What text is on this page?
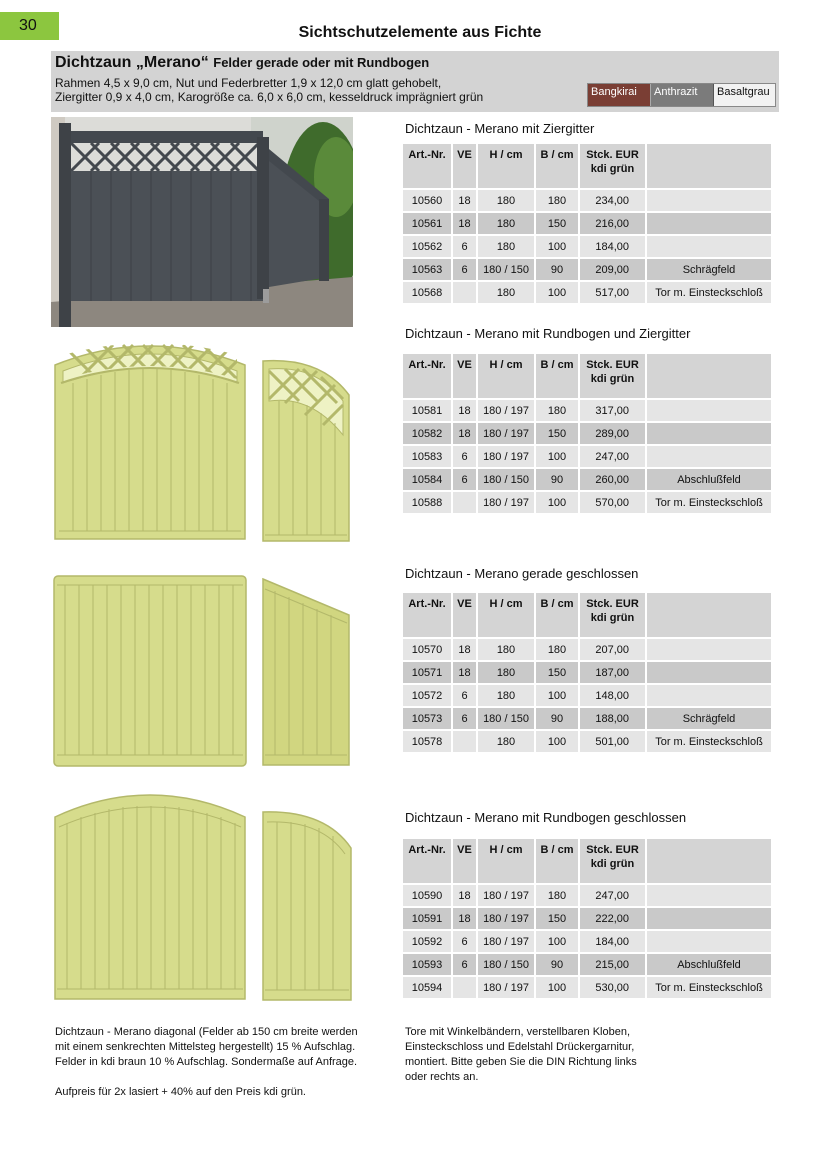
30	Sichtschutzelemente aus Fichte
Dichtzaun „Merano“ Felder gerade oder mit Rundbogen
Rahmen 4,5 x 9,0 cm, Nut und Federbretter 1,9 x 12,0 cm glatt gehobelt,
Ziergitter 0,9 x 4,0 cm, Karogröße ca. 6,0 x 6,0 cm, kesseldruck imprägniert grün	Bangkirai	Anthrazit	Basaltgrau
Dichtzaun - Merano mit Ziergitter
Dichtzaun - Merano mit Rundbogen und Ziergitter
Dichtzaun - Merano gerade geschlossen
Dichtzaun - Merano mit Rundbogen geschlossen
Art.-Nr.	VE	H / cm	B / cm	Stck. EUR
kdi grün	

10560	18	180	180	234,00	
10561	18	180	150	216,00	
10562	6	180	100	184,00	
10563	6	180 / 150	90	209,00	Schrägfeld
10568		180	100	517,00	Tor m. Einsteckschloß
Art.-Nr.	VE	H / cm	B / cm	Stck. EUR
kdi grün	

10581	18	180 / 197	180	317,00	
10582	18	180 / 197	150	289,00	
10583	6	180 / 197	100	247,00	
10584	6	180 / 150	90	260,00	Abschlußfeld
10588		180 / 197	100	570,00	Tor m. Einsteckschloß
Art.-Nr.	VE	H / cm	B / cm	Stck. EUR
kdi grün	

10570	18	180	180	207,00	
10571	18	180	150	187,00	
10572	6	180	100	148,00	
10573	6	180 / 150	90	188,00	Schrägfeld
10578		180	100	501,00	Tor m. Einsteckschloß
Art.-Nr.	VE	H / cm	B / cm	Stck. EUR
kdi grün	

10590	18	180 / 197	180	247,00	
10591	18	180 / 197	150	222,00	
10592	6	180 / 197	100	184,00	
10593	6	180 / 150	90	215,00	Abschlußfeld
10594		180 / 197	100	530,00	Tor m. Einsteckschloß
Dichtzaun - Merano diagonal (Felder ab 150 cm breite werden
mit einem senkrechten Mittelsteg hergestellt) 15 % Aufschlag.
Felder in kdi braun 10 % Aufschlag. Sondermaße auf Anfrage.
Aufpreis für 2x lasiert + 40% auf den Preis kdi grün.
Tore mit Winkelbändern, verstellbaren Kloben,
Einsteckschloss und Edelstahl Drückergarnitur,
montiert. Bitte geben Sie die DIN Richtung links
oder rechts an.
